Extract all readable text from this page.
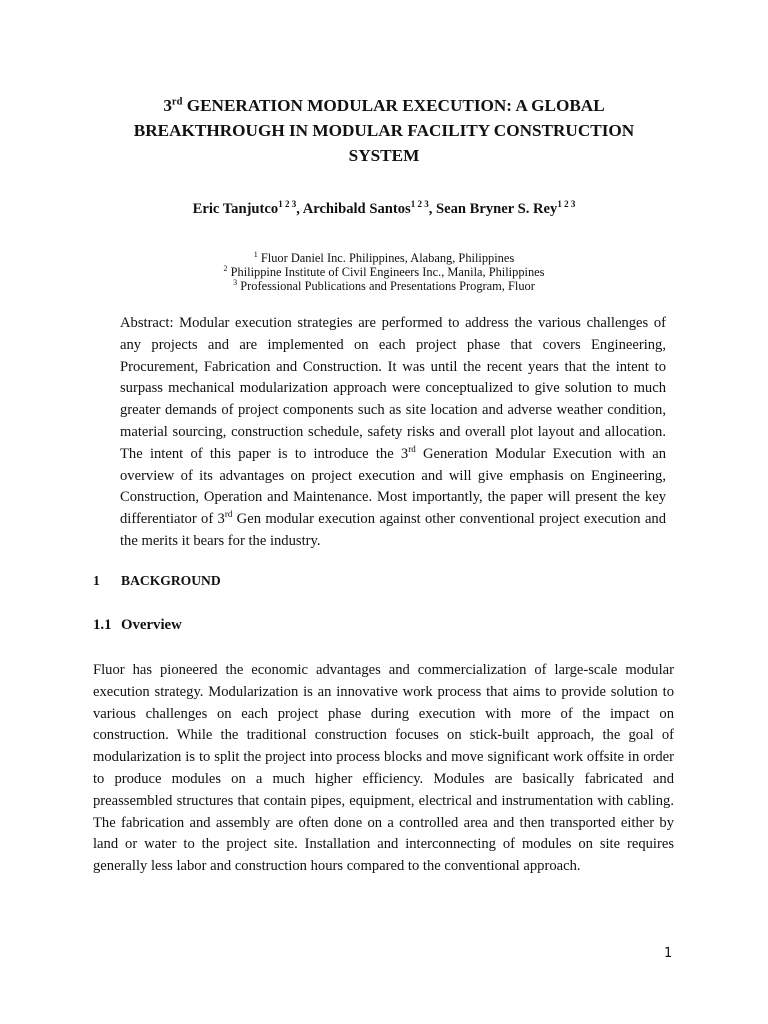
3rd GENERATION MODULAR EXECUTION: A GLOBAL BREAKTHROUGH IN MODULAR FACILITY CONSTRUCTION SYSTEM
Eric Tanjutco$^{1 2 3}$, Archibald Santos$^{1 2 3}$, Sean Bryner S. Rey$^{1 2 3}$
$^1$ Fluor Daniel Inc. Philippines, Alabang, Philippines
$^2$ Philippine Institute of Civil Engineers Inc., Manila, Philippines
$^3$ Professional Publications and Presentations Program, Fluor
Abstract: Modular execution strategies are performed to address the various challenges of any projects and are implemented on each project phase that covers Engineering, Procurement, Fabrication and Construction. It was until the recent years that the intent to surpass mechanical modularization approach were conceptualized to give solution to much greater demands of project components such as site location and adverse weather condition, material sourcing, construction schedule, safety risks and overall plot layout and allocation. The intent of this paper is to introduce the 3rd Generation Modular Execution with an overview of its advantages on project execution and will give emphasis on Engineering, Construction, Operation and Maintenance. Most importantly, the paper will present the key differentiator of 3rd Gen modular execution against other conventional project execution and the merits it bears for the industry.
1 BACKGROUND
1.1 Overview
Fluor has pioneered the economic advantages and commercialization of large-scale modular execution strategy. Modularization is an innovative work process that aims to provide solution to various challenges on each project phase during execution with more of the impact on construction. While the traditional construction focuses on stick-built approach, the goal of modularization is to split the project into process blocks and move significant work offsite in order to produce modules on a much higher efficiency. Modules are basically fabricated and preassembled structures that contain pipes, equipment, electrical and instrumentation with cabling. The fabrication and assembly are often done on a controlled area and then transported either by land or water to the project site. Installation and interconnecting of modules on site requires generally less labor and construction hours compared to the conventional approach.
1
